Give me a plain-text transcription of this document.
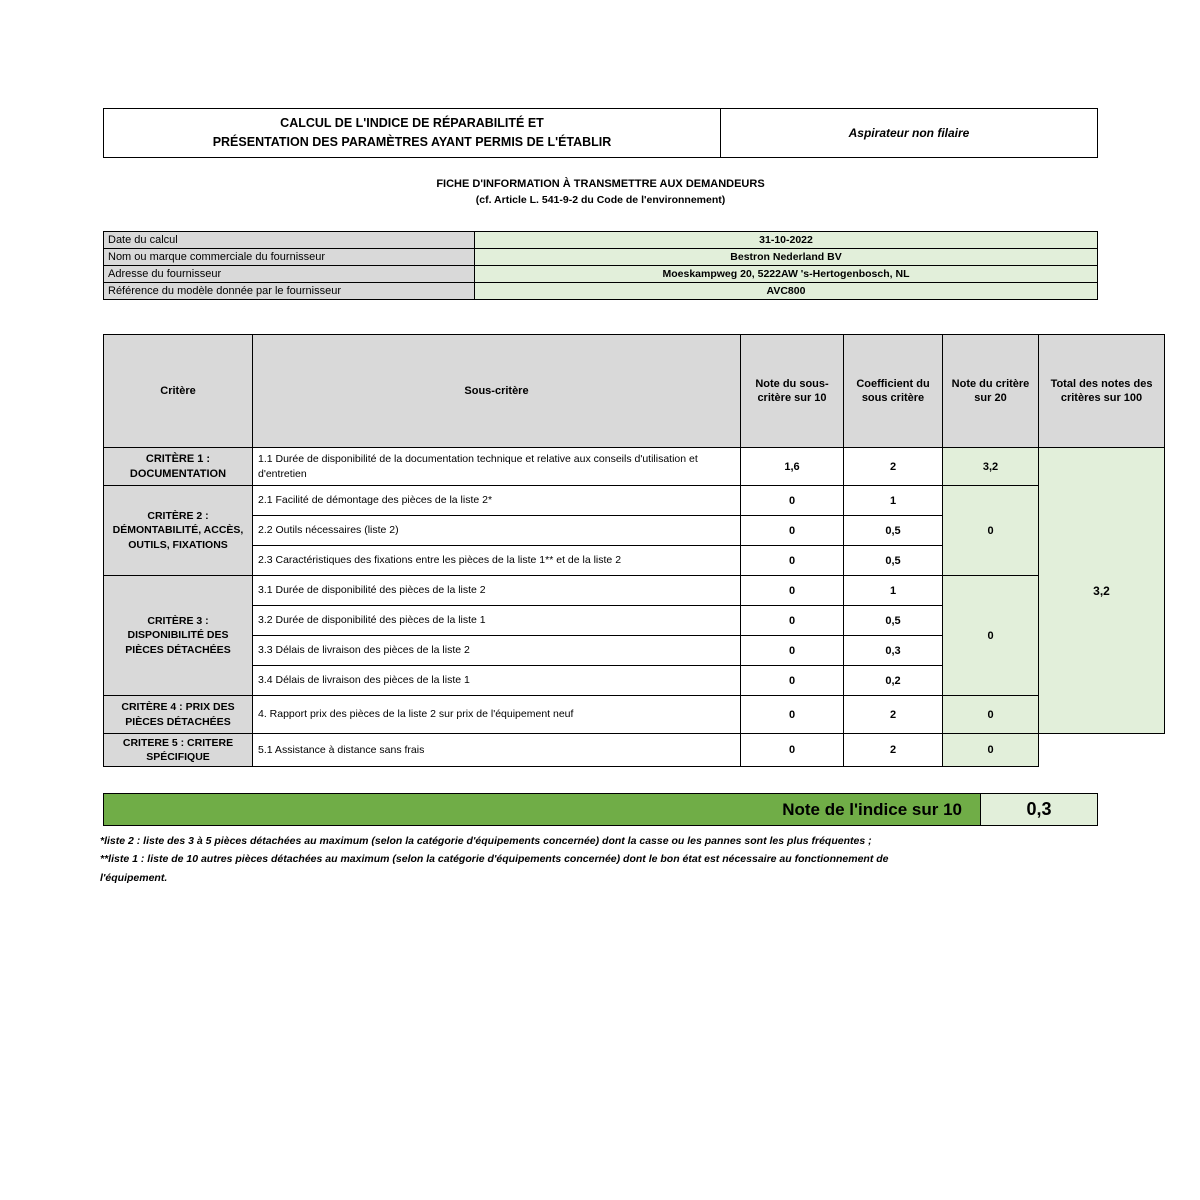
CALCUL DE L'INDICE DE RÉPARABILITÉ ET
PRÉSENTATION DES PARAMÈTRES AYANT PERMIS DE L'ÉTABLIR
Aspirateur non filaire
FICHE D'INFORMATION À TRANSMETTRE AUX DEMANDEURS
(cf. Article L. 541-9-2 du Code de l'environnement)
Date du calcul	31-10-2022
Nom ou marque commerciale du fournisseur	Bestron Nederland BV
Adresse du fournisseur	Moeskampweg 20, 5222AW 's-Hertogenbosch, NL
Référence du modèle donnée par le fournisseur	AVC800
Critère	Sous-critère	Note du sous-critère sur 10	Coefficient du sous critère	Note du critère sur 20	Total des notes des critères sur 100
CRITÈRE 1 : DOCUMENTATION	1.1 Durée de disponibilité de la documentation technique et relative aux conseils d'utilisation et d'entretien	1,6	2	3,2	3,2
CRITÈRE 2 : DÉMONTABILITÉ, ACCÈS, OUTILS, FIXATIONS	2.1 Facilité de démontage des pièces de la liste 2*	0	1	0	
	2.2 Outils nécessaires (liste 2)	0	0,5		
	2.3 Caractéristiques des fixations entre les pièces de la liste 1** et de la liste 2	0	0,5		
CRITÈRE 3 : DISPONIBILITÉ DES PIÈCES DÉTACHÉES	3.1 Durée de disponibilité des pièces de la liste 2	0	1	0	
	3.2 Durée de disponibilité des pièces de la liste 1	0	0,5		
	3.3 Délais de livraison des pièces de la liste 2	0	0,3		
	3.4 Délais de livraison des pièces de la liste 1	0	0,2		
CRITÈRE 4 : PRIX DES PIÈCES DÉTACHÉES	4. Rapport prix des pièces de la liste 2 sur prix de l'équipement neuf	0	2	0	
CRITERE 5 : CRITERE SPÉCIFIQUE	5.1 Assistance à distance sans frais	0	2	0	
Note de l'indice sur 10	0,3
*liste 2 : liste des 3 à 5 pièces détachées au maximum (selon la catégorie d'équipements concernée) dont la casse ou les pannes sont les plus fréquentes ;
**liste 1 : liste de 10 autres pièces détachées au maximum (selon la catégorie d'équipements concernée) dont le bon état est nécessaire au fonctionnement de
l'équipement.
